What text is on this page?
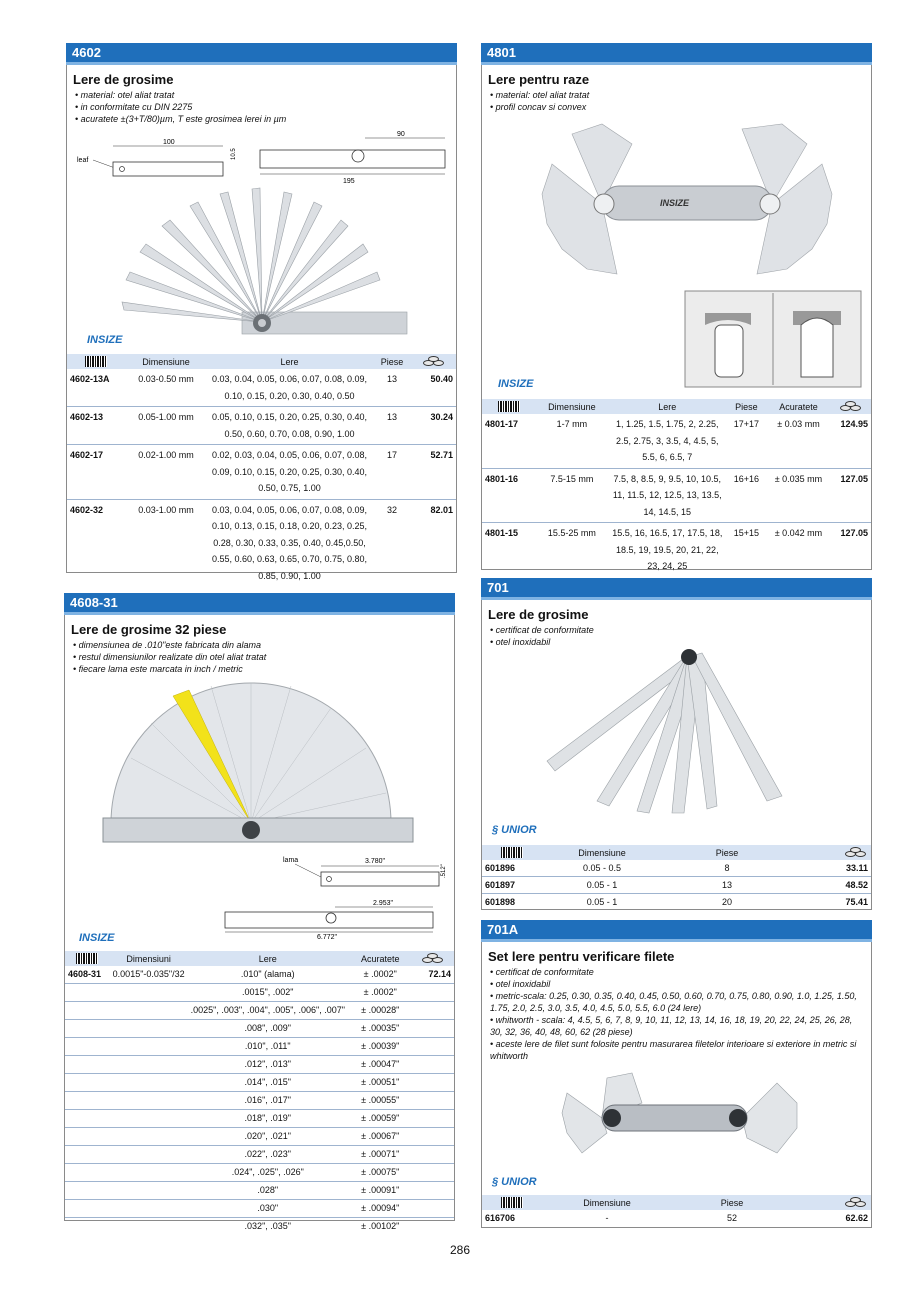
4602
Lere de grosime
• material: otel aliat tratat
• in conformitate cu DIN 2275
• acuratete ±(3+T/80)µm, T este grosimea lerei in µm
leaf
100
10.5
90
195
INSIZE
	Dimensiune	Lere	Piese	

4602-13A	0.03-0.50 mm	0.03, 0.04, 0.05, 0.06, 0.07, 0.08, 0.09, 0.10, 0.15, 0.20, 0.30, 0.40, 0.50	13	50.40
4602-13	0.05-1.00 mm	0.05, 0.10, 0.15, 0.20, 0.25, 0.30, 0.40, 0.50, 0.60, 0.70, 0.08, 0.90, 1.00	13	30.24
4602-17	0.02-1.00 mm	0.02, 0.03, 0.04, 0.05, 0.06, 0.07, 0.08, 0.09, 0.10, 0.15, 0.20, 0.25, 0.30, 0.40, 0.50, 0.75, 1.00	17	52.71
4602-32	0.03-1.00 mm	0.03, 0.04, 0.05, 0.06, 0.07, 0.08, 0.09, 0.10, 0.13, 0.15, 0.18, 0.20, 0.23, 0.25, 0.28, 0.30, 0.33, 0.35, 0.40, 0.45,0.50, 0.55, 0.60, 0.63, 0.65, 0.70, 0.75, 0.80, 0.85, 0.90, 1.00	32	82.01
4801
Lere pentru raze
• material: otel aliat tratat
• profil concav si convex
INSIZE
INSIZE
	Dimensiune	Lere	Piese	Acuratete	

4801-17	1-7 mm	1, 1.25, 1.5, 1.75, 2, 2.25, 2.5, 2.75, 3, 3.5, 4, 4.5, 5, 5.5, 6, 6.5, 7	17+17	± 0.03 mm	124.95
4801-16	7.5-15 mm	7.5, 8, 8.5, 9, 9.5, 10, 10.5, 11, 11.5, 12, 12.5, 13, 13.5, 14, 14.5, 15	16+16	± 0.035 mm	127.05
4801-15	15.5-25 mm	15.5, 16, 16.5, 17, 17.5, 18, 18.5, 19, 19.5, 20, 21, 22, 23, 24, 25	15+15	± 0.042 mm	127.05
4608-31
Lere de grosime 32 piese
• dimensiunea de .010"este fabricata din alama
• restul dimensiunilor realizate din otel aliat tratat
• fiecare lama este marcata in inch / metric
lama	3.780"
.512"
2.953"
6.772"
INSIZE
	Dimensiuni	Lere	Acuratete	

4608-31	0.0015"-0.035"/32	.010" (alama)	± .0002"	72.14
		.0015", .002"	± .0002"	
		.0025", .003", .004", .005", .006", .007"	± .00028"	
		.008", .009"	± .00035"	
		.010", .011"	± .00039"	
		.012", .013"	± .00047"	
		.014", .015"	± .00051"	
		.016", .017"	± .00055"	
		.018", .019"	± .00059"	
		.020", .021"	± .00067"	
		.022", .023"	± .00071"	
		.024", .025", .026"	± .00075"	
		.028"	± .00091"	
		.030"	± .00094"	
		.032", .035"	± .00102"	
701
Lere de grosime
• certificat de conformitate
• otel inoxidabil
§ UNIOR
	Dimensiune	Piese	

601896	0.05 - 0.5	8	33.11
601897	0.05 - 1	13	48.52
601898	0.05 - 1	20	75.41
701A
Set lere pentru verificare filete
• certificat de conformitate
• otel inoxidabil
• metric-scala: 0.25, 0.30, 0.35, 0.40, 0.45, 0.50, 0.60, 0.70, 0.75, 0.80, 0.90, 1.0, 1.25, 1.50, 1.75, 2.0, 2.5, 3.0, 3.5, 4.0, 4.5, 5.0, 5.5, 6.0 (24 lere)
• whitworth - scala: 4, 4.5, 5, 6, 7, 8, 9, 10, 11, 12, 13, 14, 16, 18, 19, 20, 22, 24, 25, 26, 28, 30, 32, 36, 40, 48, 60, 62 (28 piese)
• aceste lere de filet sunt folosite pentru masurarea filetelor interioare si exteriore in metric si whitworth
§ UNIOR
	Dimensiune	Piese	

616706	-	52	62.62
286
